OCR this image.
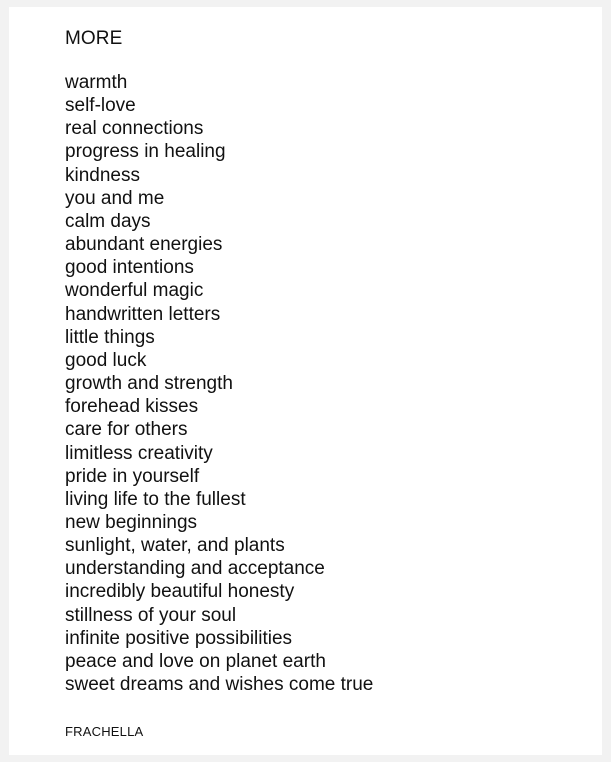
MORE
warmth
self-love
real connections
progress in healing
kindness
you and me
calm days
abundant energies
good intentions
wonderful magic
handwritten letters
little things
good luck
growth and strength
forehead kisses
care for others
limitless creativity
pride in yourself
living life to the fullest
new beginnings
sunlight, water, and plants
understanding and acceptance
incredibly beautiful honesty
stillness of your soul
infinite positive possibilities
peace and love on planet earth
sweet dreams and wishes come true
FRACHELLA
